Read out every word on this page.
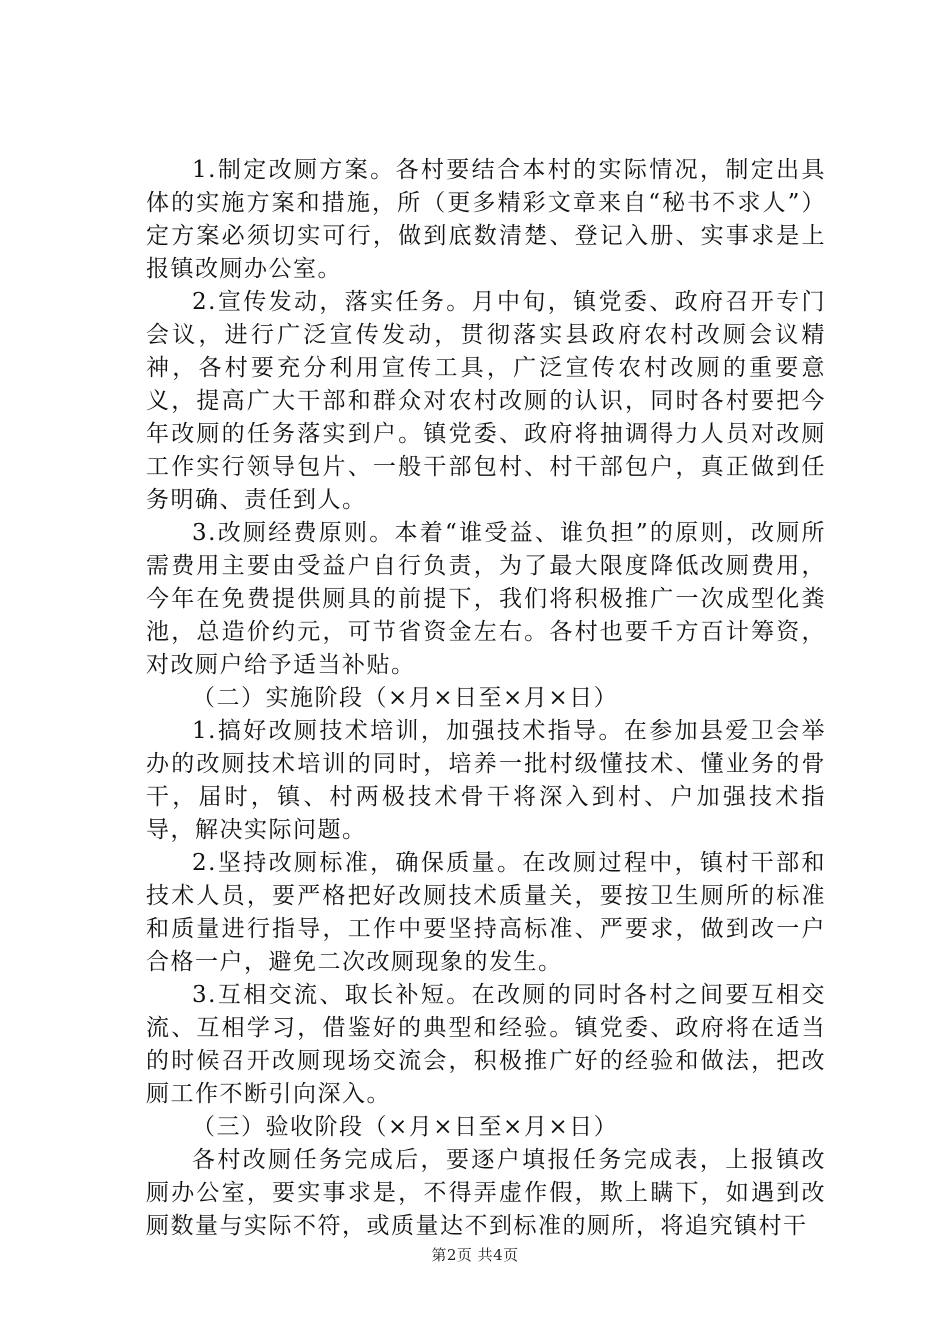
1.制定改厕方案。各村要结合本村的实际情况，制定出具体的实施方案和措施，所（更多精彩文章来自“秘书不求人”）定方案必须切实可行，做到底数清楚、登记入册、实事求是上报镇改厕办公室。

2.宣传发动，落实任务。月中旬，镇党委、政府召开专门会议，进行广泛宣传发动，贯彻落实县政府农村改厕会议精神，各村要充分利用宣传工具，广泛宣传农村改厕的重要意义，提高广大干部和群众对农村改厕的认识，同时各村要把今年改厕的任务落实到户。镇党委、政府将抽调得力人员对改厕工作实行领导包片、一般干部包村、村干部包户，真正做到任务明确、责任到人。

3.改厕经费原则。本着“谁受益、谁负担”的原则，改厕所需费用主要由受益户自行负责，为了最大限度降低改厕费用，今年在免费提供厕具的前提下，我们将积极推广一次成型化粪池，总造价约元，可节省资金左右。各村也要千方百计筹资，对改厕户给予适当补贴。

（二）实施阶段（×月×日至×月×日）

1.搞好改厕技术培训，加强技术指导。在参加县爱卫会举办的改厕技术培训的同时，培养一批村级懂技术、懂业务的骨干，届时，镇、村两极技术骨干将深入到村、户加强技术指导，解决实际问题。

2.坚持改厕标准，确保质量。在改厕过程中，镇村干部和技术人员，要严格把好改厕技术质量关，要按卫生厕所的标准和质量进行指导，工作中要坚持高标准、严要求，做到改一户合格一户，避免二次改厕现象的发生。

3.互相交流、取长补短。在改厕的同时各村之间要互相交流、互相学习，借鉴好的典型和经验。镇党委、政府将在适当的时候召开改厕现场交流会，积极推广好的经验和做法，把改厕工作不断引向深入。

（三）验收阶段（×月×日至×月×日）

各村改厕任务完成后，要逐户填报任务完成表，上报镇改厕办公室，要实事求是，不得弄虚作假，欺上瞒下，如遇到改厕数量与实际不符，或质量达不到标准的厕所，将追究镇村干

第2页 共4页
